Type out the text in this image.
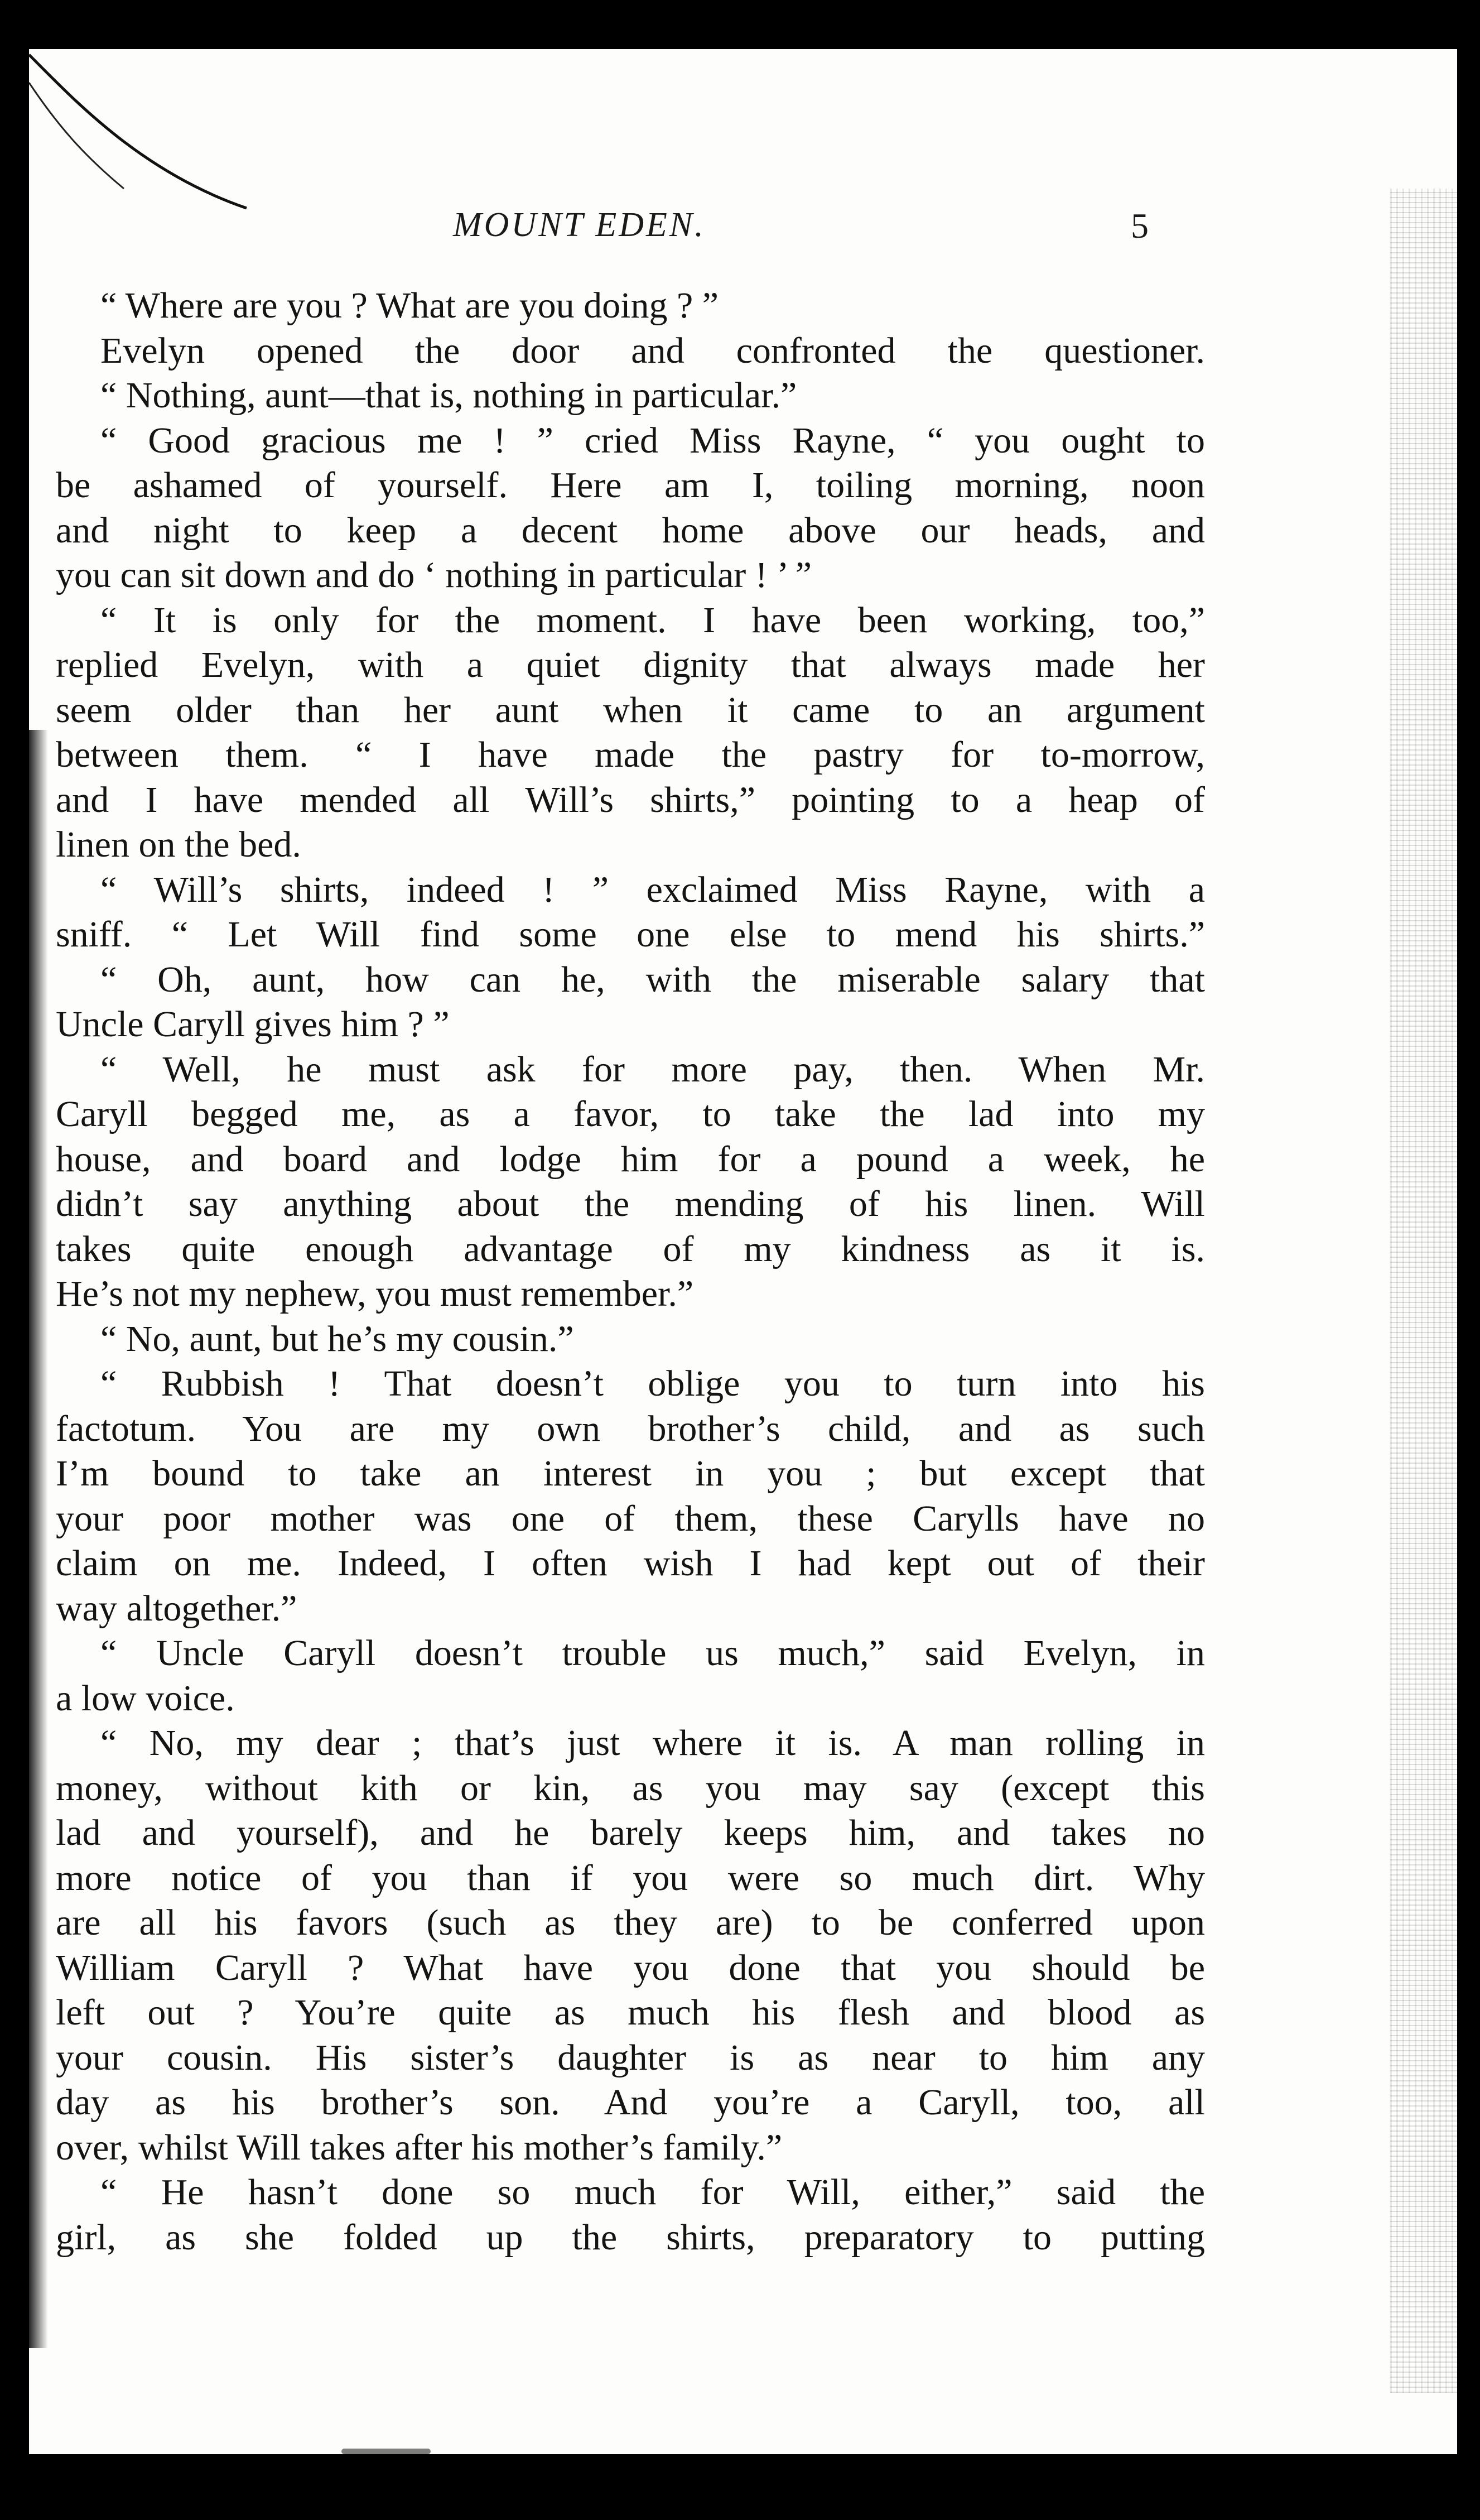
MOUNT EDEN.	5
“ Where are you ? What are you doing ? ”
Evelyn opened the door and confronted the questioner.
“ Nothing, aunt—that is, nothing in particular.”
“ Good gracious me ! ” cried Miss Rayne, “ you ought to
be ashamed of yourself. Here am I, toiling morning, noon
and night to keep a decent home above our heads, and
you can sit down and do ‘ nothing in particular ! ’ ”
“ It is only for the moment. I have been working, too,”
replied Evelyn, with a quiet dignity that always made her
seem older than her aunt when it came to an argument
between them. “ I have made the pastry for to-morrow,
and I have mended all Will’s shirts,” pointing to a heap of
linen on the bed.
“ Will’s shirts, indeed ! ” exclaimed Miss Rayne, with a
sniff. “ Let Will find some one else to mend his shirts.”
“ Oh, aunt, how can he, with the miserable salary that
Uncle Caryll gives him ? ”
“ Well, he must ask for more pay, then. When Mr.
Caryll begged me, as a favor, to take the lad into my
house, and board and lodge him for a pound a week, he
didn’t say anything about the mending of his linen. Will
takes quite enough advantage of my kindness as it is.
He’s not my nephew, you must remember.”
“ No, aunt, but he’s my cousin.”
“ Rubbish ! That doesn’t oblige you to turn into his
factotum. You are my own brother’s child, and as such
I’m bound to take an interest in you ; but except that
your poor mother was one of them, these Carylls have no
claim on me. Indeed, I often wish I had kept out of their
way altogether.”
“ Uncle Caryll doesn’t trouble us much,” said Evelyn, in
a low voice.
“ No, my dear ; that’s just where it is. A man rolling in
money, without kith or kin, as you may say (except this
lad and yourself), and he barely keeps him, and takes no
more notice of you than if you were so much dirt. Why
are all his favors (such as they are) to be conferred upon
William Caryll ? What have you done that you should be
left out ? You’re quite as much his flesh and blood as
your cousin. His sister’s daughter is as near to him any
day as his brother’s son. And you’re a Caryll, too, all
over, whilst Will takes after his mother’s family.”
“ He hasn’t done so much for Will, either,” said the
girl, as she folded up the shirts, preparatory to putting
